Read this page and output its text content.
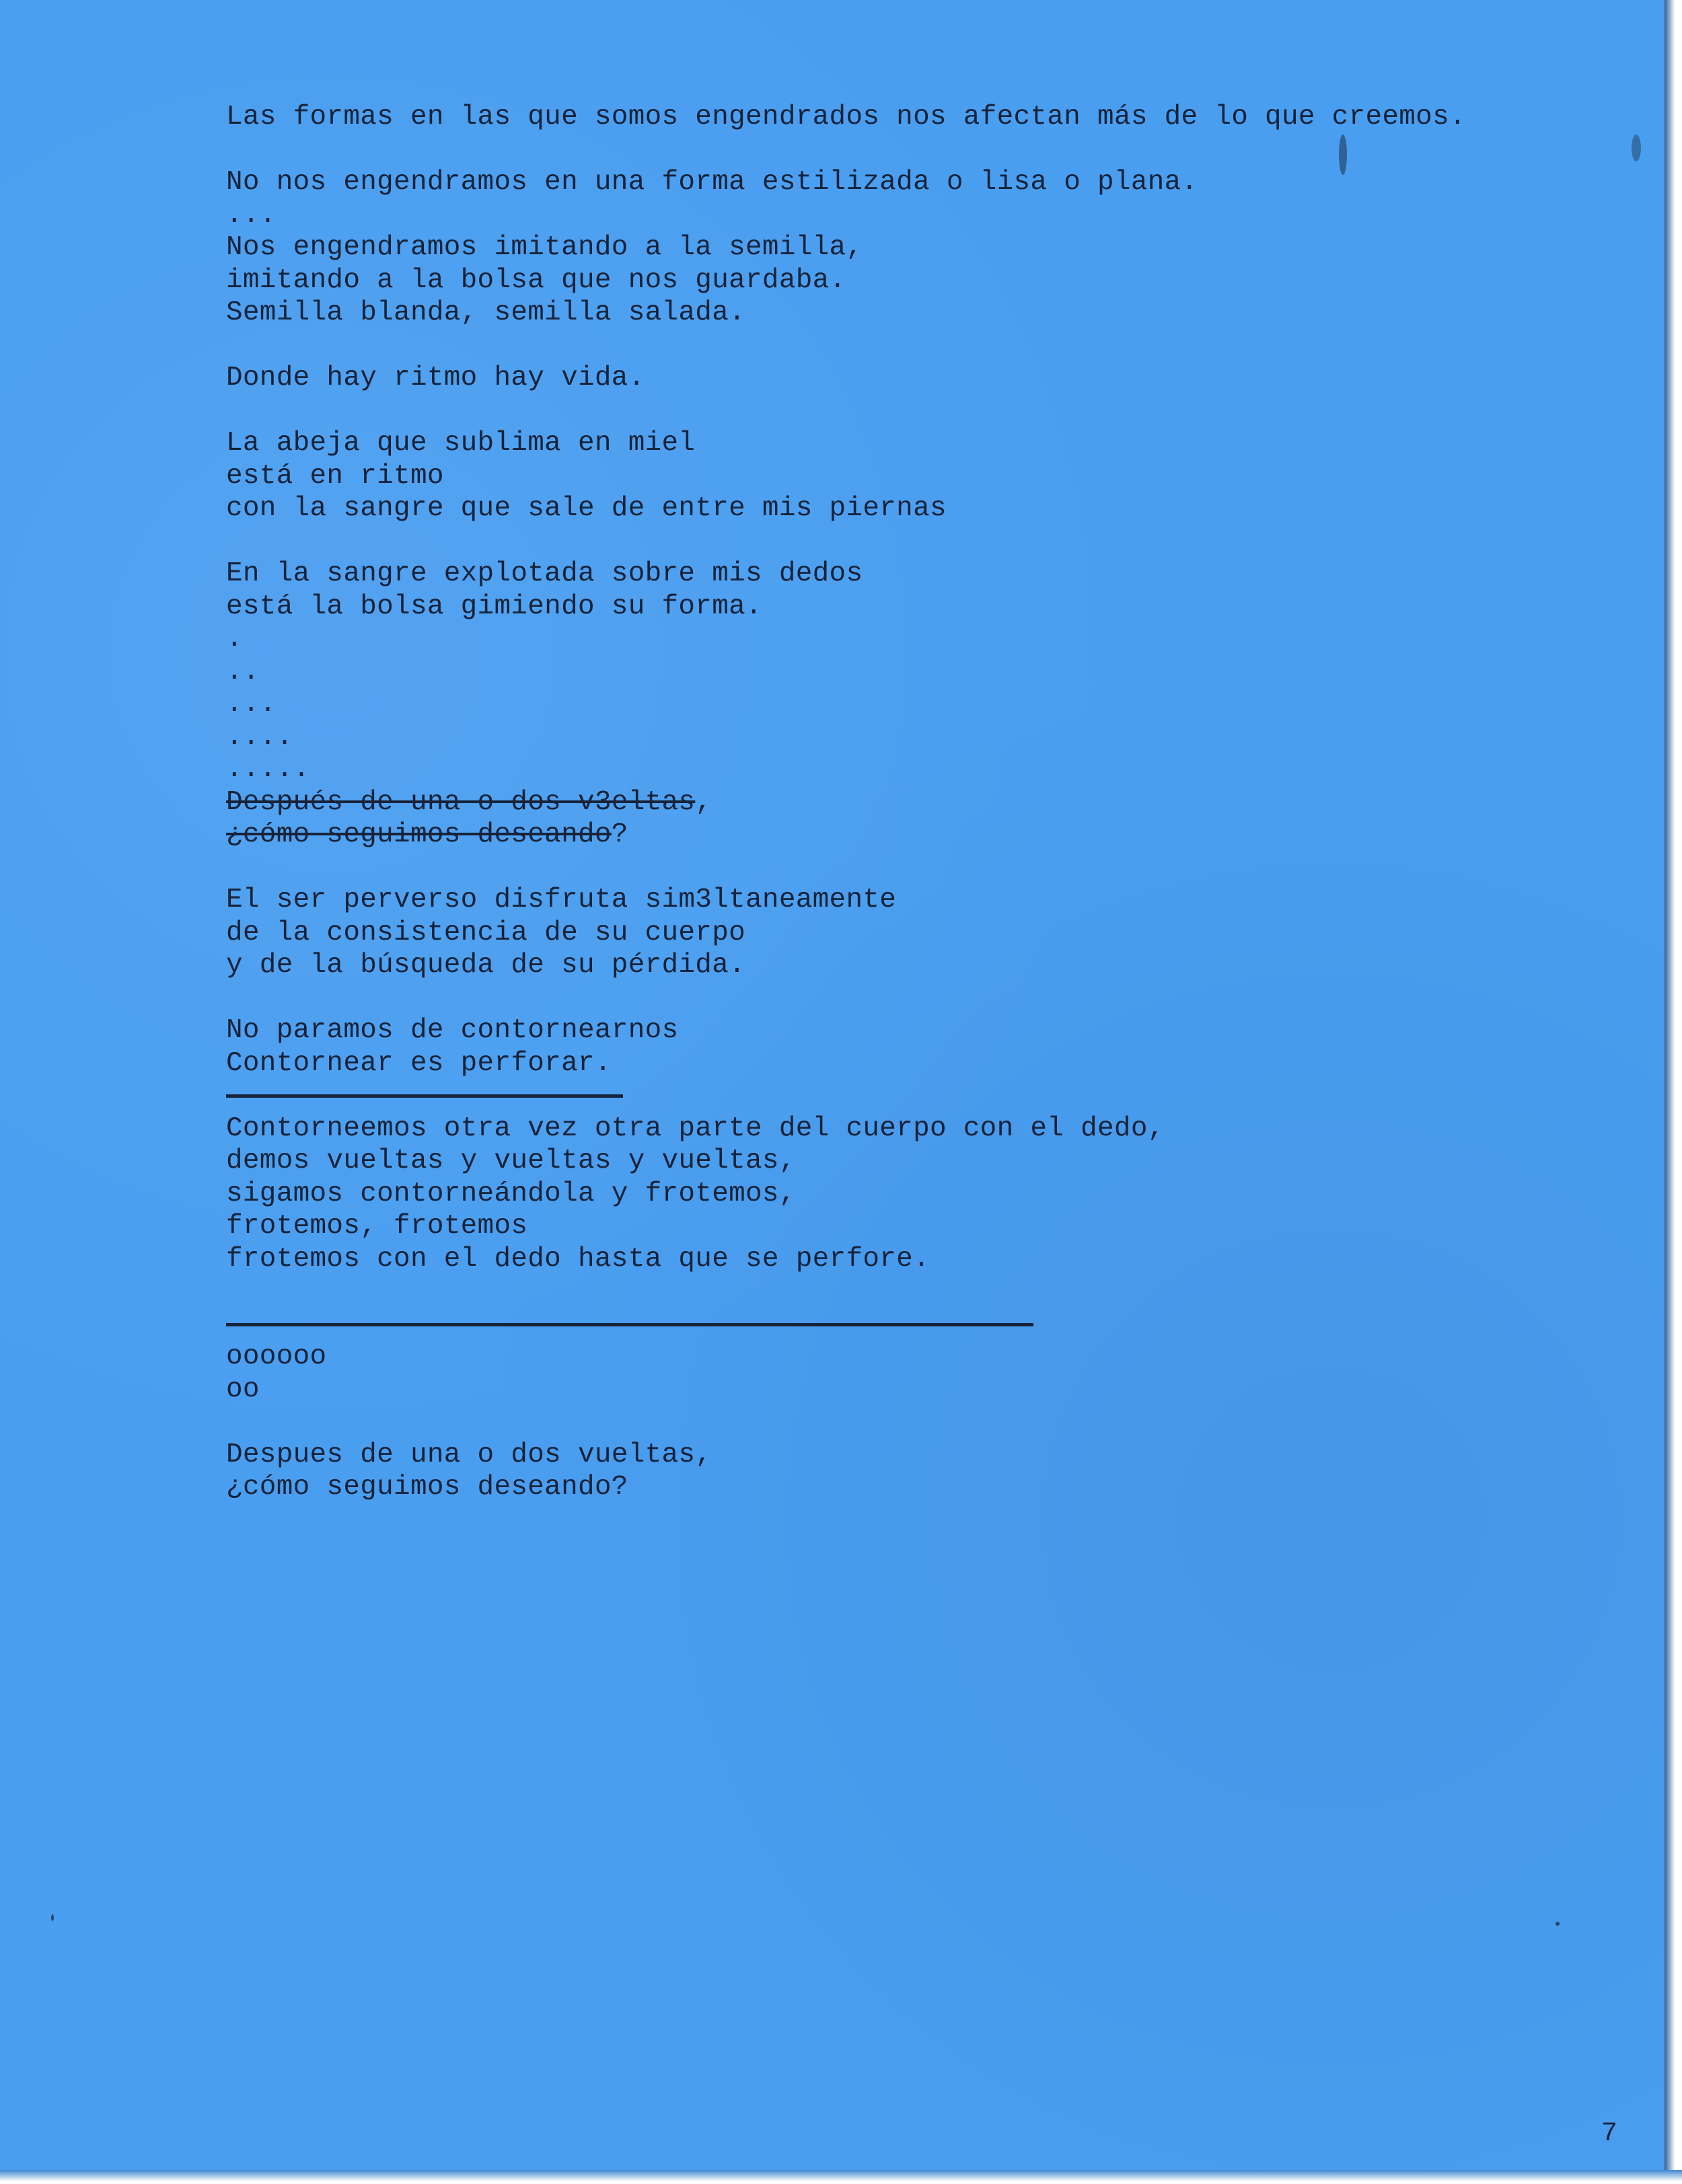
Las formas en las que somos engendrados nos afectan más de lo que creemos.
No nos engendramos en una forma estilizada o lisa o plana.
...
Nos engendramos imitando a la semilla,
imitando a la bolsa que nos guardaba.
Semilla blanda, semilla salada.
Donde hay ritmo hay vida.
La abeja que sublima en miel
está en ritmo
con la sangre que sale de entre mis piernas
En la sangre explotada sobre mis dedos
está la bolsa gimiendo su forma.
.
..
...
....
.....
Después de una o dos v3eltas,
¿cómo seguimos deseando?
El ser perverso disfruta sim3ltaneamente
de la consistencia de su cuerpo
y de la búsqueda de su pérdida.
No paramos de contornearnos
Contornear es perforar.
Contorneemos otra vez otra parte del cuerpo con el dedo,
demos vueltas y vueltas y vueltas,
sigamos contorneándola y frotemos,
frotemos, frotemos
frotemos con el dedo hasta que se perfore.
oooooo
oo
Despues de una o dos vueltas,
¿cómo seguimos deseando?
7
